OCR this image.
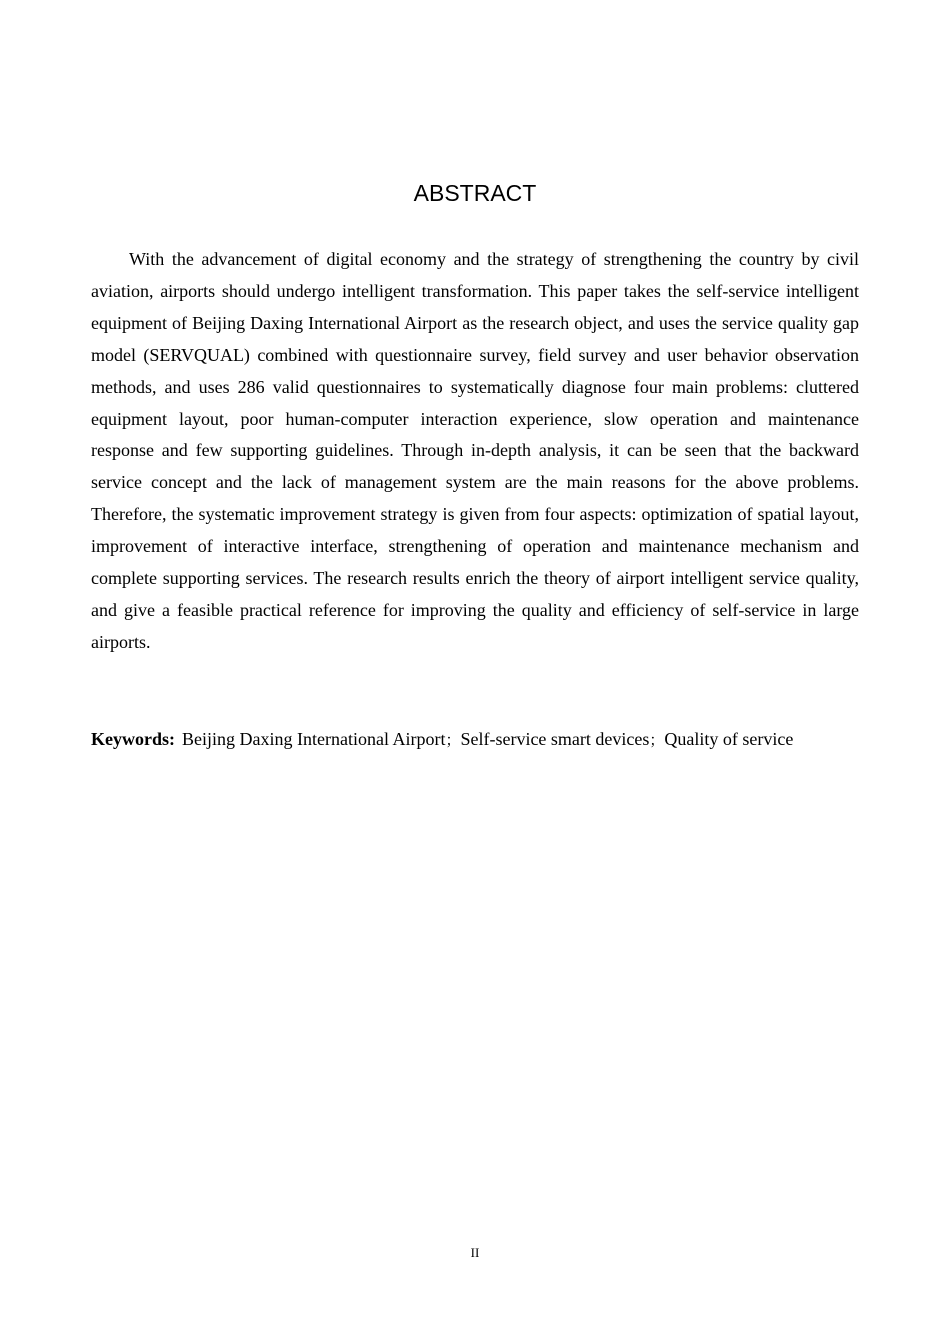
ABSTRACT

With the advancement of digital economy and the strategy of strengthening the country by civil aviation, airports should undergo intelligent transformation. This paper takes the self-service intelligent equipment of Beijing Daxing International Airport as the research object, and uses the service quality gap model (SERVQUAL) combined with questionnaire survey, field survey and user behavior observation methods, and uses 286 valid questionnaires to systematically diagnose four main problems: cluttered equipment layout, poor human-computer interaction experience, slow operation and maintenance response and few supporting guidelines. Through in-depth analysis, it can be seen that the backward service concept and the lack of management system are the main reasons for the above problems. Therefore, the systematic improvement strategy is given from four aspects: optimization of spatial layout, improvement of interactive interface, strengthening of operation and maintenance mechanism and complete supporting services. The research results enrich the theory of airport intelligent service quality, and give a feasible practical reference for improving the quality and efficiency of self-service in large airports.

Keywords: Beijing Daxing International Airport；Self-service smart devices；Quality of service

II
